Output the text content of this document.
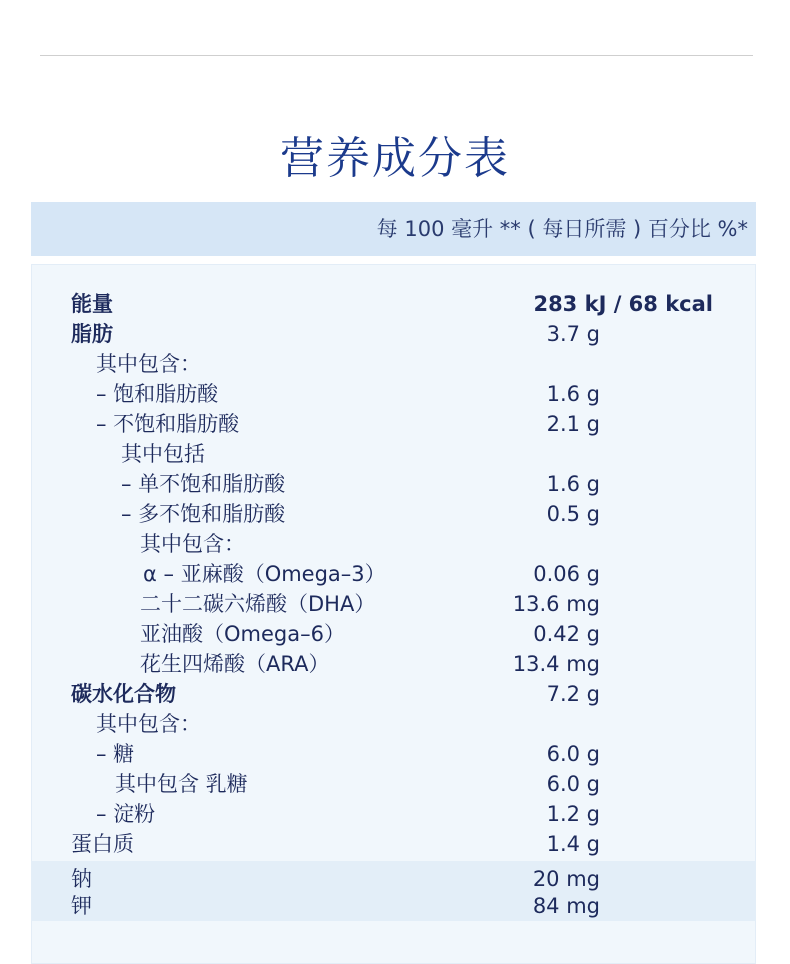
营养成分表
每 100 毫升 ** ( 每日所需 ) 百分比 %*
能量	283 kJ / 68 kcal
脂肪	3.7 g
其中包含：
– 饱和脂肪酸	1.6 g
– 不饱和脂肪酸	2.1 g
其中包括
– 单不饱和脂肪酸	1.6 g
– 多不饱和脂肪酸	0.5 g
其中包含：
α – 亚麻酸（Omega–3）	0.06 g
二十二碳六烯酸（DHA）	13.6 mg
亚油酸（Omega–6）	0.42 g
花生四烯酸（ARA）	13.4 mg
碳水化合物	7.2 g
其中包含：
– 糖	6.0 g
其中包含 乳糖	6.0 g
– 淀粉	1.2 g
蛋白质	1.4 g
钠	20 mg
钾	84 mg
